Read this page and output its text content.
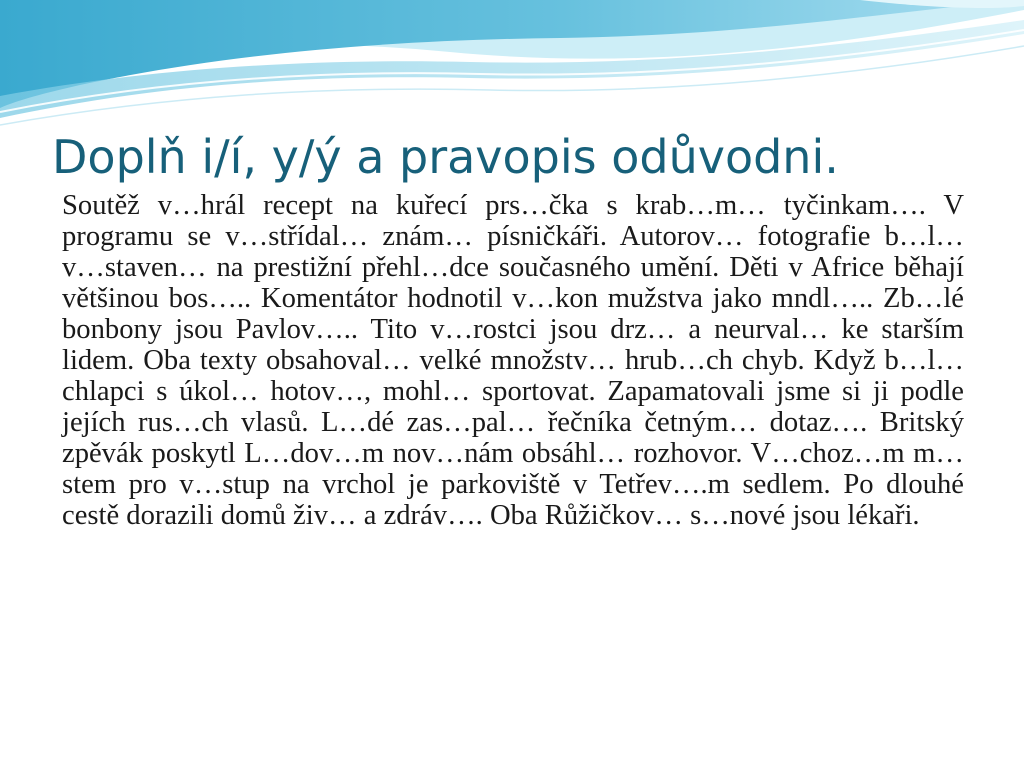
Doplň i/í, y/ý a pravopis odůvodni.

Soutěž v…hrál recept na kuřecí prs…čka s krab…m… tyčinkam…. V programu se v…střídal… znám… písničkáři. Autorov… fotografie b…l… v…staven… na prestižní přehl…dce současného umění. Děti v Africe běhají většinou bos….. Komentátor hodnotil v…kon mužstva jako mndl….. Zb…lé bonbony jsou Pavlov….. Tito v…rostci jsou drz… a neurval… ke starším lidem. Oba texty obsahoval… velké množstv… hrub…ch chyb. Když b…l… chlapci s úkol… hotov…, mohl… sportovat. Zapamatovali jsme si ji podle jejích rus…ch vlasů. L…dé zas…pal… řečníka četným… dotaz…. Britský zpěvák poskytl L…dov…m nov…nám obsáhl… rozhovor. V…choz…m m…stem pro v…stup na vrchol je parkoviště v Tetřev….m sedlem. Po dlouhé cestě dorazili domů živ… a zdráv…. Oba Růžičkov… s…nové jsou lékaři.
